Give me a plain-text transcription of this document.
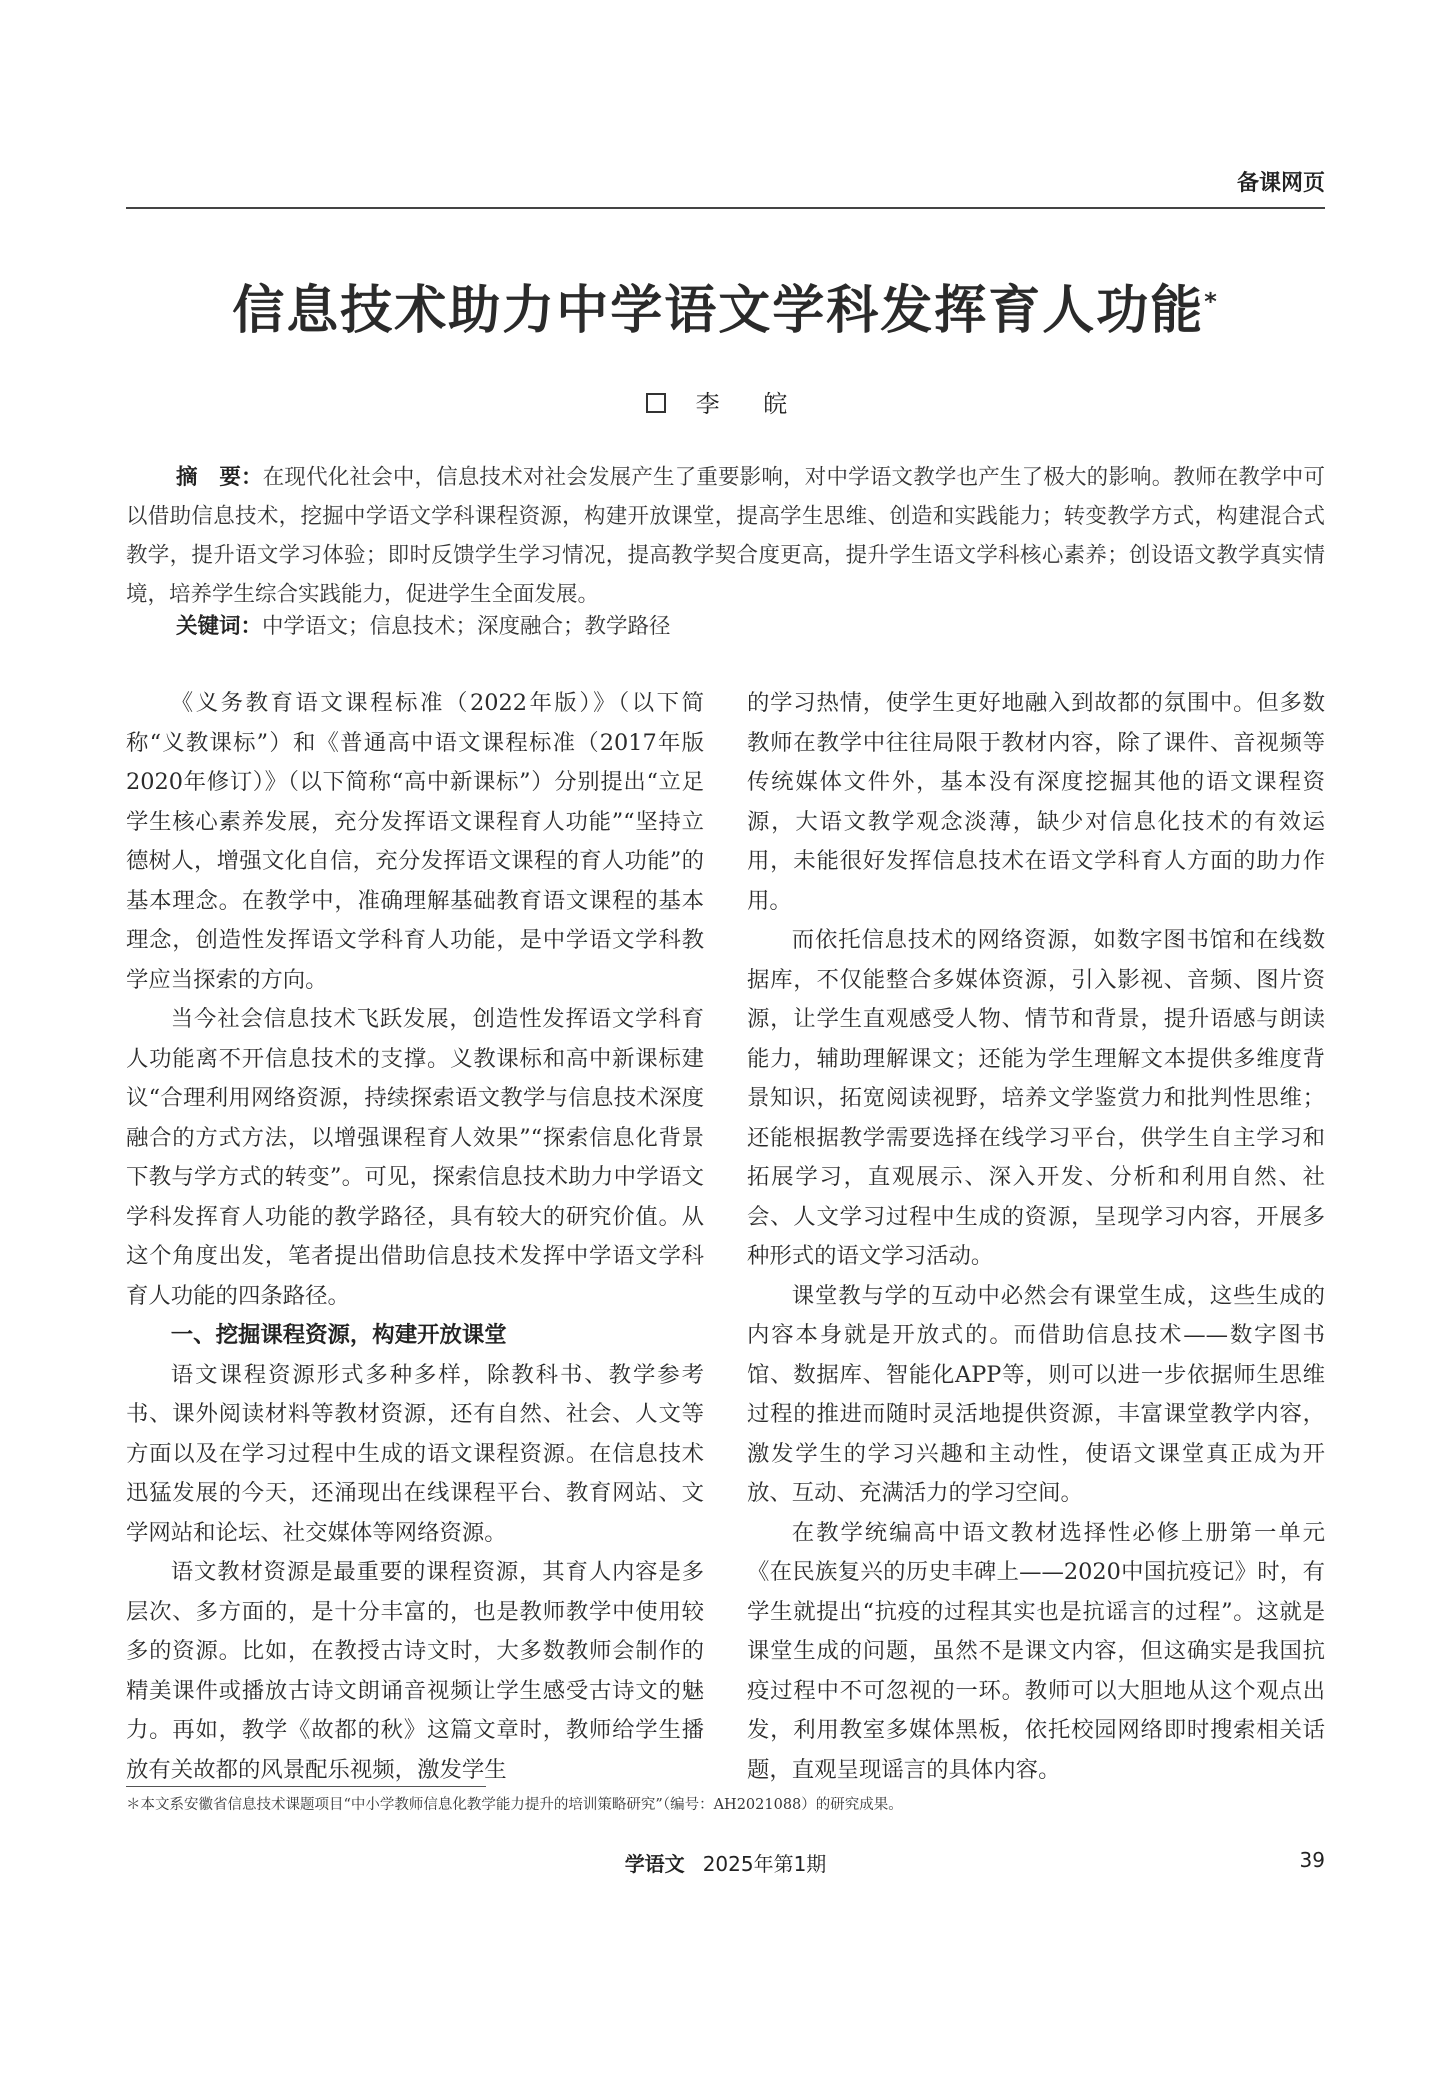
备课网页
信息技术助力中学语文学科发挥育人功能*
李 皖
摘　要：在现代化社会中，信息技术对社会发展产生了重要影响，对中学语文教学也产生了极大的影响。教师在教学中可以借助信息技术，挖掘中学语文学科课程资源，构建开放课堂，提高学生思维、创造和实践能力；转变教学方式，构建混合式教学，提升语文学习体验；即时反馈学生学习情况，提高教学契合度更高，提升学生语文学科核心素养；创设语文教学真实情境，培养学生综合实践能力，促进学生全面发展。
关键词：中学语文；信息技术；深度融合；教学路径

《义务教育语文课程标准（2022年版）》（以下简称“义教课标”）和《普通高中语文课程标准（2017年版2020年修订）》（以下简称“高中新课标”）分别提出“立足学生核心素养发展，充分发挥语文课程育人功能”“坚持立德树人，增强文化自信，充分发挥语文课程的育人功能”的基本理念。在教学中，准确理解基础教育语文课程的基本理念，创造性发挥语文学科育人功能，是中学语文学科教学应当探索的方向。

当今社会信息技术飞跃发展，创造性发挥语文学科育人功能离不开信息技术的支撑。义教课标和高中新课标建议“合理利用网络资源，持续探索语文教学与信息技术深度融合的方式方法，以增强课程育人效果”“探索信息化背景下教与学方式的转变”。可见，探索信息技术助力中学语文学科发挥育人功能的教学路径，具有较大的研究价值。从这个角度出发，笔者提出借助信息技术发挥中学语文学科育人功能的四条路径。

一、挖掘课程资源，构建开放课堂

语文课程资源形式多种多样，除教科书、教学参考书、课外阅读材料等教材资源，还有自然、社会、人文等方面以及在学习过程中生成的语文课程资源。在信息技术迅猛发展的今天，还涌现出在线课程平台、教育网站、文学网站和论坛、社交媒体等网络资源。

语文教材资源是最重要的课程资源，其育人内容是多层次、多方面的，是十分丰富的，也是教师教学中使用较多的资源。比如，在教授古诗文时，大多数教师会制作的精美课件或播放古诗文朗诵音视频让学生感受古诗文的魅力。再如，教学《故都的秋》这篇文章时，教师给学生播放有关故都的风景配乐视频，激发学生

的学习热情，使学生更好地融入到故都的氛围中。但多数教师在教学中往往局限于教材内容，除了课件、音视频等传统媒体文件外，基本没有深度挖掘其他的语文课程资源，大语文教学观念淡薄，缺少对信息化技术的有效运用，未能很好发挥信息技术在语文学科育人方面的助力作用。

而依托信息技术的网络资源，如数字图书馆和在线数据库，不仅能整合多媒体资源，引入影视、音频、图片资源，让学生直观感受人物、情节和背景，提升语感与朗读能力，辅助理解课文；还能为学生理解文本提供多维度背景知识，拓宽阅读视野，培养文学鉴赏力和批判性思维；还能根据教学需要选择在线学习平台，供学生自主学习和拓展学习，直观展示、深入开发、分析和利用自然、社会、人文学习过程中生成的资源，呈现学习内容，开展多种形式的语文学习活动。

课堂教与学的互动中必然会有课堂生成，这些生成的内容本身就是开放式的。而借助信息技术——数字图书馆、数据库、智能化APP等，则可以进一步依据师生思维过程的推进而随时灵活地提供资源，丰富课堂教学内容，激发学生的学习兴趣和主动性，使语文课堂真正成为开放、互动、充满活力的学习空间。

在教学统编高中语文教材选择性必修上册第一单元《在民族复兴的历史丰碑上——2020中国抗疫记》时，有学生就提出“抗疫的过程其实也是抗谣言的过程”。这就是课堂生成的问题，虽然不是课文内容，但这确实是我国抗疫过程中不可忽视的一环。教师可以大胆地从这个观点出发，利用教室多媒体黑板，依托校园网络即时搜索相关话题，直观呈现谣言的具体内容。

＊本文系安徽省信息技术课题项目“中小学教师信息化教学能力提升的培训策略研究”（编号：AH2021088）的研究成果。
学语文 2025年第1期	39
